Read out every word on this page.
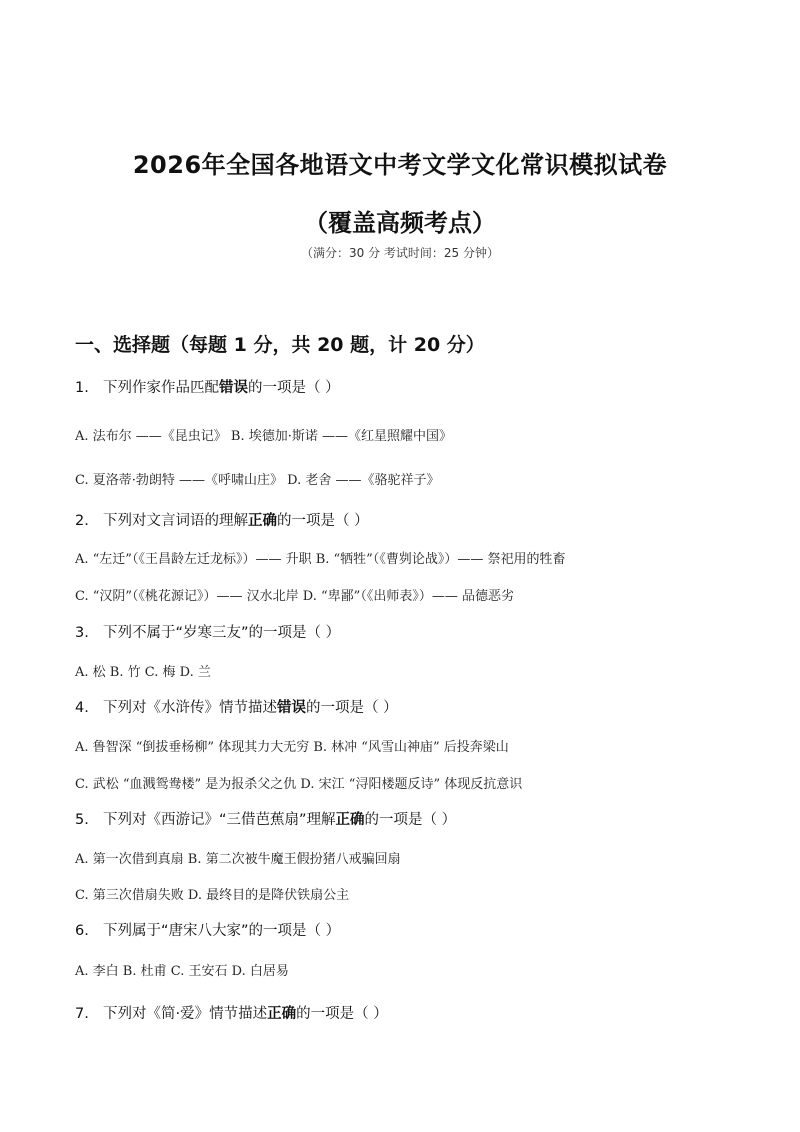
2026年全国各地语文中考文学文化常识模拟试卷
（覆盖高频考点）
（满分：30 分 考试时间：25 分钟）
一、选择题（每题 1 分，共 20 题，计 20 分）
1. 下列作家作品匹配错误的一项是（ ）
A. 法布尔 ——《昆虫记》 B. 埃德加·斯诺 ——《红星照耀中国》
C. 夏洛蒂·勃朗特 ——《呼啸山庄》 D. 老舍 ——《骆驼祥子》
2. 下列对文言词语的理解正确的一项是（ ）
A. “左迁”（《王昌龄左迁龙标》）—— 升职 B. “牺牲”（《曹刿论战》）—— 祭祀用的牲畜
C. “汉阴”（《桃花源记》）—— 汉水北岸 D. “卑鄙”（《出师表》）—— 品德恶劣
3. 下列不属于“岁寒三友”的一项是（ ）
A. 松 B. 竹 C. 梅 D. 兰
4. 下列对《水浒传》情节描述错误的一项是（ ）
A. 鲁智深 “倒拔垂杨柳” 体现其力大无穷 B. 林冲 “风雪山神庙” 后投奔梁山
C. 武松 “血溅鸳鸯楼” 是为报杀父之仇 D. 宋江 “浔阳楼题反诗” 体现反抗意识
5. 下列对《西游记》“三借芭蕉扇”理解正确的一项是（ ）
A. 第一次借到真扇 B. 第二次被牛魔王假扮猪八戒骗回扇
C. 第三次借扇失败 D. 最终目的是降伏铁扇公主
6. 下列属于“唐宋八大家”的一项是（ ）
A. 李白 B. 杜甫 C. 王安石 D. 白居易
7. 下列对《简·爱》情节描述正确的一项是（ ）
